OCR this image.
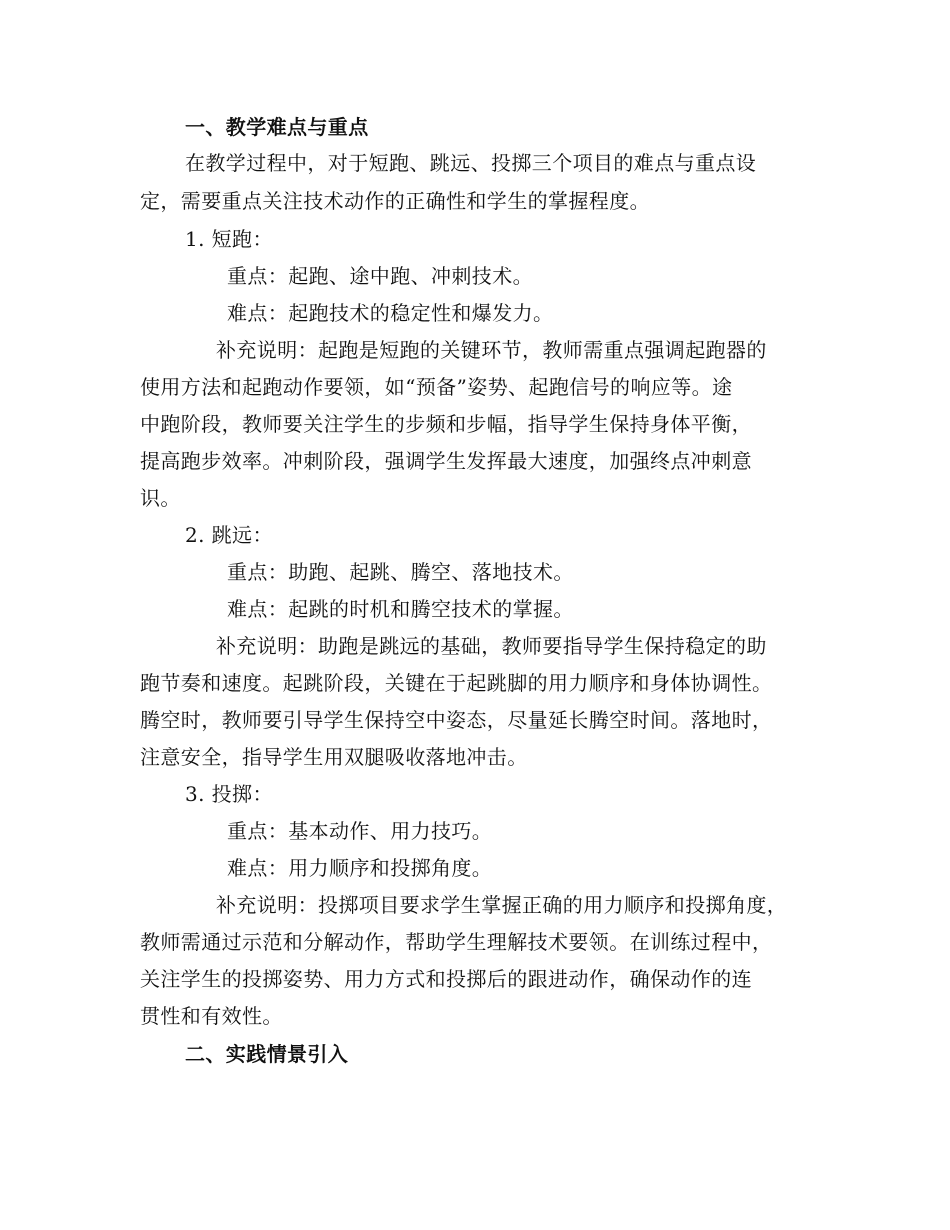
一、教学难点与重点
在教学过程中，对于短跑、跳远、投掷三个项目的难点与重点设
定，需要重点关注技术动作的正确性和学生的掌握程度。
1. 短跑：
重点：起跑、途中跑、冲刺技术。
难点：起跑技术的稳定性和爆发力。
补充说明：起跑是短跑的关键环节，教师需重点强调起跑器的
使用方法和起跑动作要领，如“预备”姿势、起跑信号的响应等。途
中跑阶段，教师要关注学生的步频和步幅，指导学生保持身体平衡，
提高跑步效率。冲刺阶段，强调学生发挥最大速度，加强终点冲刺意
识。
2. 跳远：
重点：助跑、起跳、腾空、落地技术。
难点：起跳的时机和腾空技术的掌握。
补充说明：助跑是跳远的基础，教师要指导学生保持稳定的助
跑节奏和速度。起跳阶段，关键在于起跳脚的用力顺序和身体协调性。
腾空时，教师要引导学生保持空中姿态，尽量延长腾空时间。落地时，
注意安全，指导学生用双腿吸收落地冲击。
3. 投掷：
重点：基本动作、用力技巧。
难点：用力顺序和投掷角度。
补充说明：投掷项目要求学生掌握正确的用力顺序和投掷角度，
教师需通过示范和分解动作，帮助学生理解技术要领。在训练过程中，
关注学生的投掷姿势、用力方式和投掷后的跟进动作，确保动作的连
贯性和有效性。
二、实践情景引入
